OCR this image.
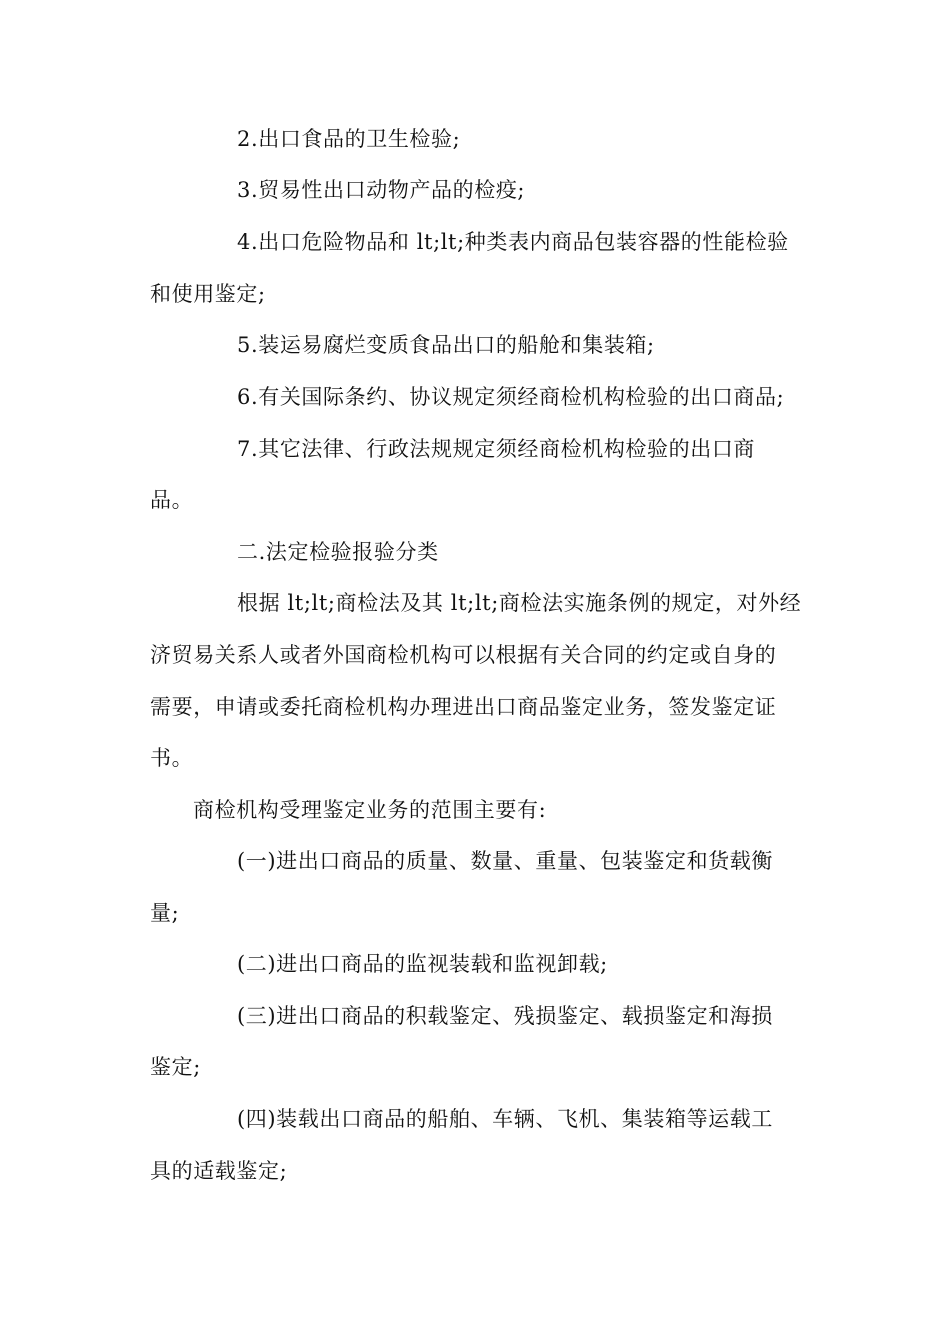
2.出口食品的卫生检验;
3.贸易性出口动物产品的检疫;
4.出口危险物品和 lt;lt;种类表内商品包装容器的性能检验
和使用鉴定;
5.装运易腐烂变质食品出口的船舱和集装箱;
6.有关国际条约、协议规定须经商检机构检验的出口商品;
7.其它法律、行政法规规定须经商检机构检验的出口商
品。
二.法定检验报验分类
根据 lt;lt;商检法及其 lt;lt;商检法实施条例的规定，对外经
济贸易关系人或者外国商检机构可以根据有关合同的约定或自身的
需要，申请或委托商检机构办理进出口商品鉴定业务，签发鉴定证
书。
商检机构受理鉴定业务的范围主要有:
(一)进出口商品的质量、数量、重量、包装鉴定和货载衡
量;
(二)进出口商品的监视装载和监视卸载;
(三)进出口商品的积载鉴定、残损鉴定、载损鉴定和海损
鉴定;
(四)装载出口商品的船舶、车辆、飞机、集装箱等运载工
具的适载鉴定;
